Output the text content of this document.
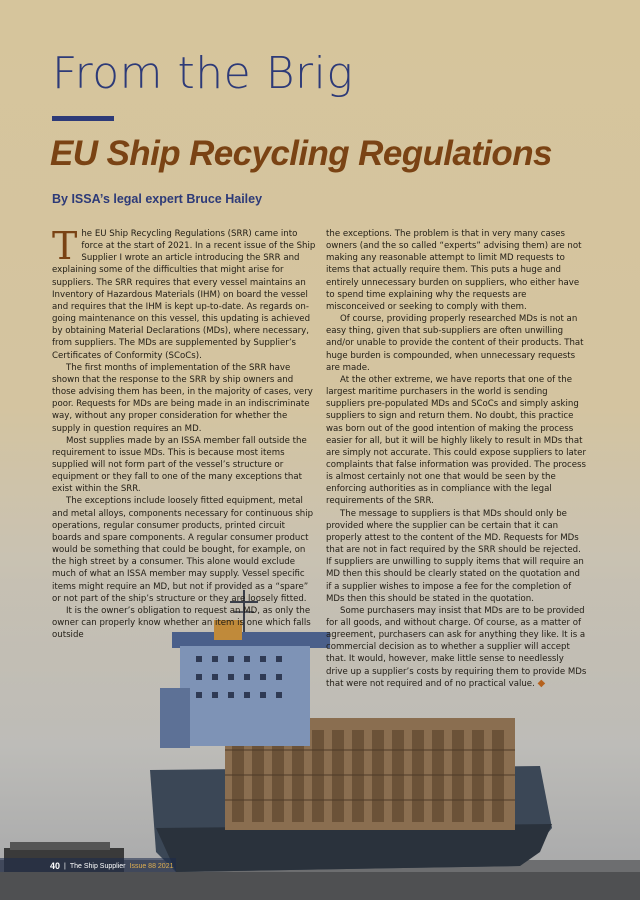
From the Brig
EU Ship Recycling Regulations
By ISSA’s legal expert Bruce Hailey

The EU Ship Recycling Regulations (SRR) came into force at the start of 2021. In a recent issue of the Ship Supplier I wrote an article introducing the SRR and explaining some of the difficulties that might arise for suppliers. The SRR requires that every vessel maintains an Inventory of Hazardous Materials (IHM) on board the vessel and requires that the IHM is kept up-to-date. As regards on-going maintenance on this vessel, this updating is achieved by obtaining Material Declarations (MDs), where necessary, from suppliers. The MDs are supplemented by Supplier’s Certificates of Conformity (SCoCs).

The first months of implementation of the SRR have shown that the response to the SRR by ship owners and those advising them has been, in the majority of cases, very poor. Requests for MDs are being made in an indiscriminate way, without any proper consideration for whether the supply in question requires an MD.

Most supplies made by an ISSA member fall outside the requirement to issue MDs. This is because most items supplied will not form part of the vessel’s structure or equipment or they fall to one of the many exceptions that exist within the SRR.

The exceptions include loosely fitted equipment, metal and metal alloys, components necessary for continuous ship operations, regular consumer products, printed circuit boards and spare components. A regular consumer product would be something that could be bought, for example, on the high street by a consumer. This alone would exclude much of what an ISSA member may supply. Vessel specific items might require an MD, but not if provided as a “spare” or not part of the ship’s structure or they are loosely fitted.

It is the owner’s obligation to request an MD, as only the owner can properly know whether an item is one which falls outside

the exceptions. The problem is that in very many cases owners (and the so called “experts” advising them) are not making any reasonable attempt to limit MD requests to items that actually require them. This puts a huge and entirely unnecessary burden on suppliers, who either have to spend time explaining why the requests are misconceived or seeking to comply with them.

Of course, providing properly researched MDs is not an easy thing, given that sub-suppliers are often unwilling and/or unable to provide the content of their products. That huge burden is compounded, when unnecessary requests are made.

At the other extreme, we have reports that one of the largest maritime purchasers in the world is sending suppliers pre-populated MDs and SCoCs and simply asking suppliers to sign and return them. No doubt, this practice was born out of the good intention of making the process easier for all, but it will be highly likely to result in MDs that are simply not accurate. This could expose suppliers to later complaints that false information was provided. The process is almost certainly not one that would be seen by the enforcing authorities as in compliance with the legal requirements of the SRR.

The message to suppliers is that MDs should only be provided where the supplier can be certain that it can properly attest to the content of the MD. Requests for MDs that are not in fact required by the SRR should be rejected. If suppliers are unwilling to supply items that will require an MD then this should be clearly stated on the quotation and if a supplier wishes to impose a fee for the completion of MDs then this should be stated in the quotation.

Some purchasers may insist that MDs are to be provided for all goods, and without charge. Of course, as a matter of agreement, purchasers can ask for anything they like. It is a commercial decision as to whether a supplier will accept that. It would, however, make little sense to needlessly drive up a supplier’s costs by requiring them to provide MDs that were not required and of no practical value. ◆

40 | The Ship Supplier Issue 88 2021
